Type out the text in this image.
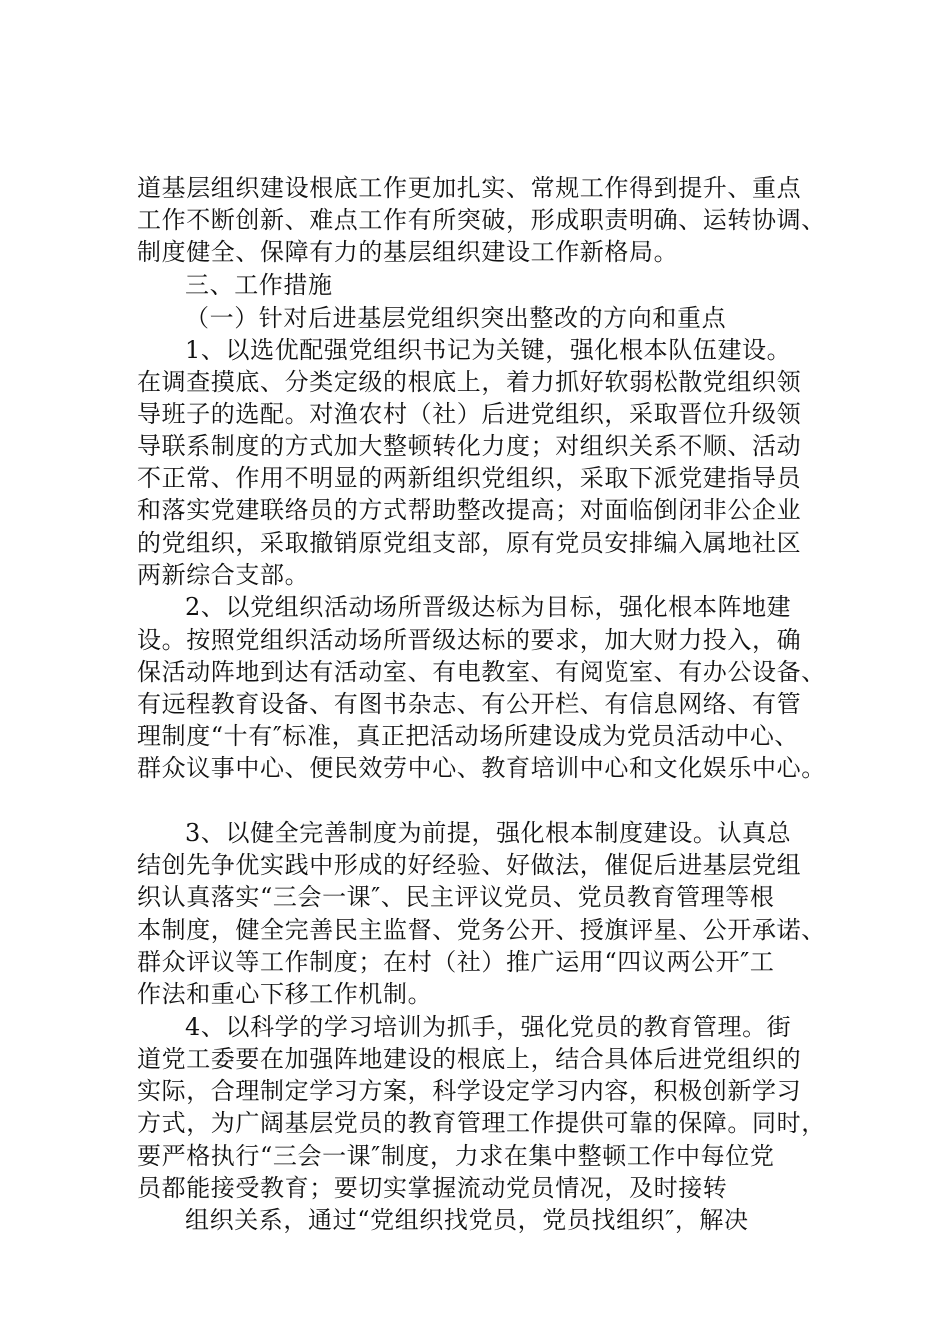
道基层组织建设根底工作更加扎实、常规工作得到提升、重点
工作不断创新、难点工作有所突破，形成职责明确、运转协调、
制度健全、保障有力的基层组织建设工作新格局。
三、工作措施
（一）针对后进基层党组织突出整改的方向和重点
1、以选优配强党组织书记为关键，强化根本队伍建设。
在调查摸底、分类定级的根底上，着力抓好软弱松散党组织领
导班子的选配。对渔农村（社）后进党组织，采取晋位升级领
导联系制度的方式加大整顿转化力度；对组织关系不顺、活动
不正常、作用不明显的两新组织党组织，采取下派党建指导员
和落实党建联络员的方式帮助整改提高；对面临倒闭非公企业
的党组织，采取撤销原党组支部，原有党员安排编入属地社区
两新综合支部。
2、以党组织活动场所晋级达标为目标，强化根本阵地建
设。按照党组织活动场所晋级达标的要求，加大财力投入，确
保活动阵地到达有活动室、有电教室、有阅览室、有办公设备、
有远程教育设备、有图书杂志、有公开栏、有信息网络、有管
理制度“十有″标准，真正把活动场所建设成为党员活动中心、
群众议事中心、便民效劳中心、教育培训中心和文化娱乐中心。
3、以健全完善制度为前提，强化根本制度建设。认真总
结创先争优实践中形成的好经验、好做法，催促后进基层党组
织认真落实“三会一课″、民主评议党员、党员教育管理等根
本制度，健全完善民主监督、党务公开、授旗评星、公开承诺、
群众评议等工作制度；在村（社）推广运用“四议两公开″工
作法和重心下移工作机制。
4、以科学的学习培训为抓手，强化党员的教育管理。街
道党工委要在加强阵地建设的根底上，结合具体后进党组织的
实际，合理制定学习方案，科学设定学习内容，积极创新学习
方式，为广阔基层党员的教育管理工作提供可靠的保障。同时，
要严格执行“三会一课″制度，力求在集中整顿工作中每位党
员都能接受教育；要切实掌握流动党员情况，及时接转
组织关系，通过“党组织找党员，党员找组织″，解决
